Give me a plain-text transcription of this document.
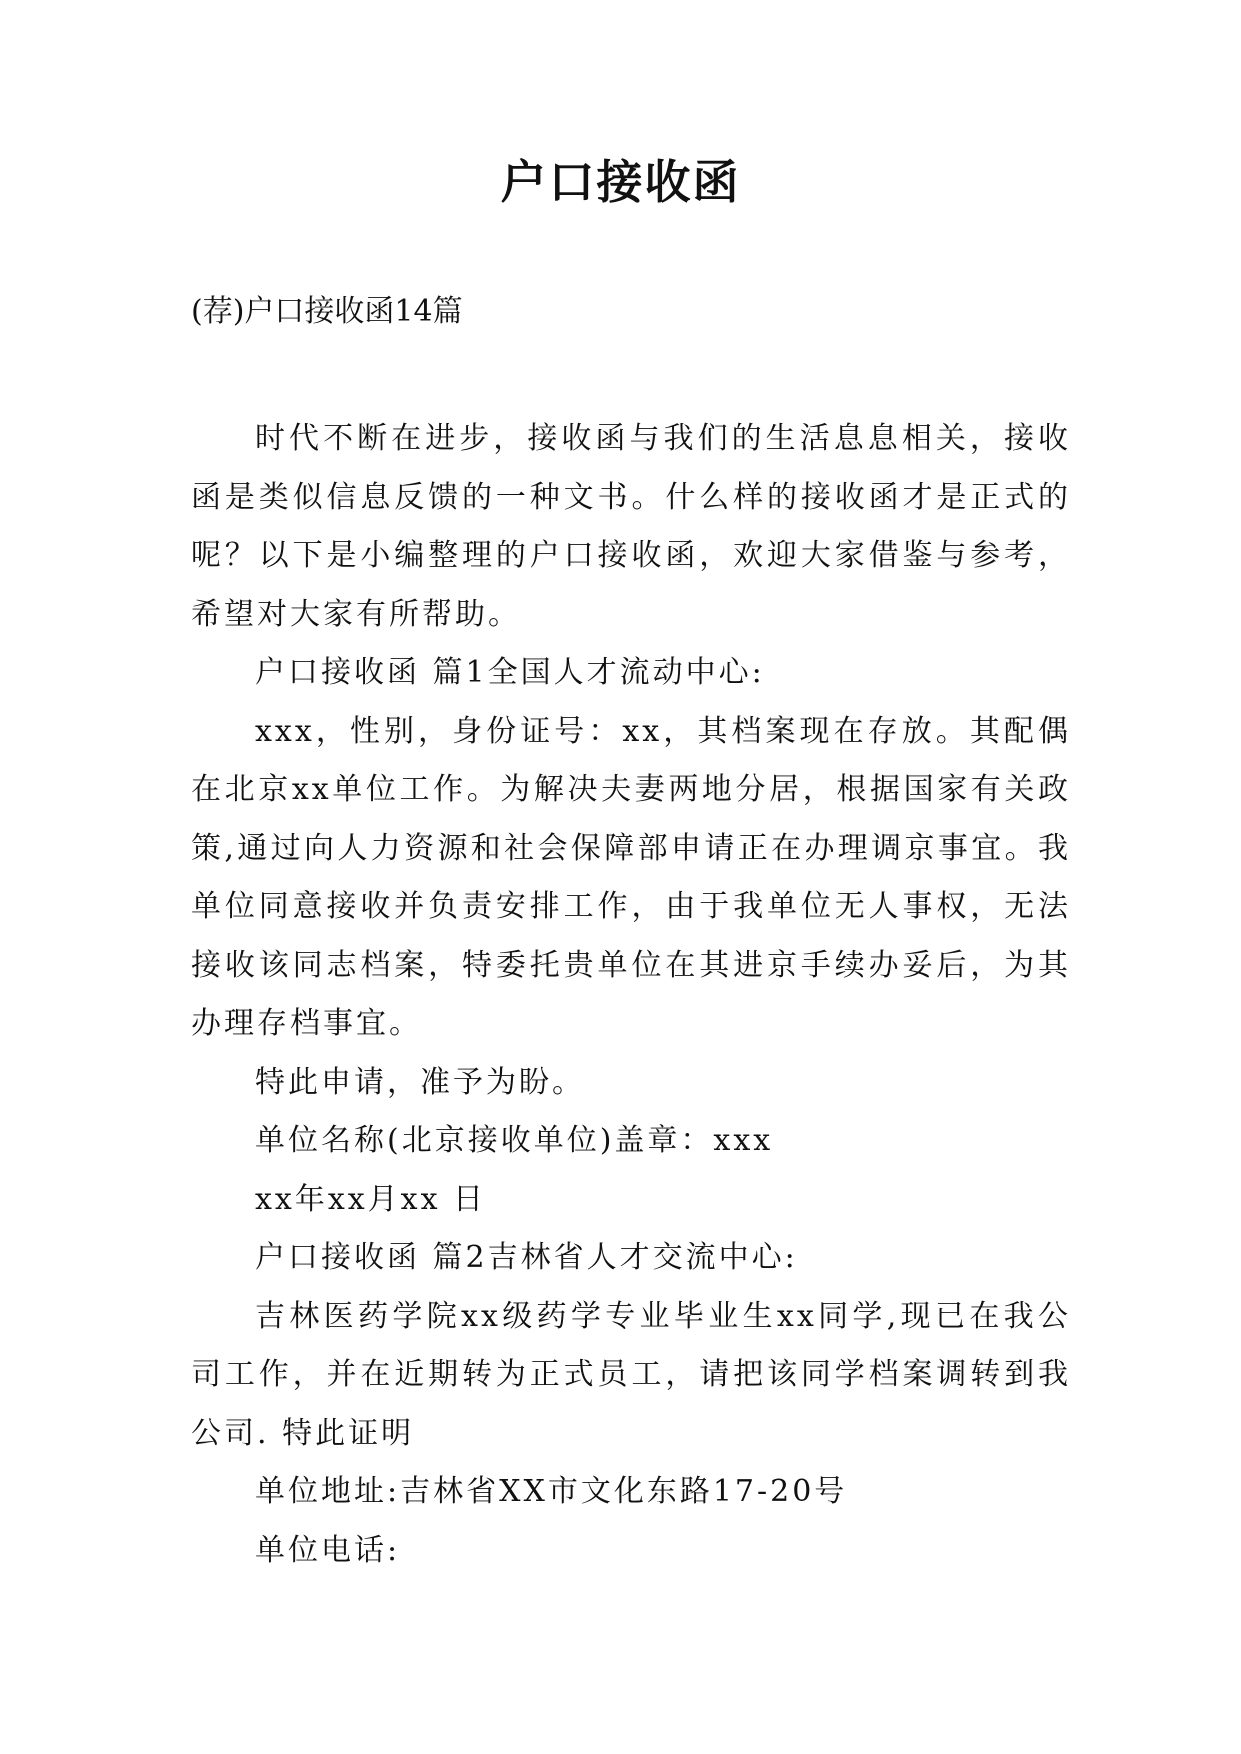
户口接收函
(荐)户口接收函14篇

时代不断在进步，接收函与我们的生活息息相关，接收函是类似信息反馈的一种文书。什么样的接收函才是正式的呢？以下是小编整理的户口接收函，欢迎大家借鉴与参考，希望对大家有所帮助。

户口接收函 篇1全国人才流动中心:

xxx，性别，身份证号：xx，其档案现在存放。其配偶在北京xx单位工作。为解决夫妻两地分居，根据国家有关政策,通过向人力资源和社会保障部申请正在办理调京事宜。我单位同意接收并负责安排工作，由于我单位无人事权，无法接收该同志档案，特委托贵单位在其进京手续办妥后，为其办理存档事宜。

特此申请，准予为盼。

单位名称(北京接收单位)盖章：xxx

xx年xx月xx 日

户口接收函 篇2吉林省人才交流中心:

吉林医药学院xx级药学专业毕业生xx同学,现已在我公司工作，并在近期转为正式员工，请把该同学档案调转到我公司. 特此证明

单位地址:吉林省XX市文化东路17-20号

单位电话:
